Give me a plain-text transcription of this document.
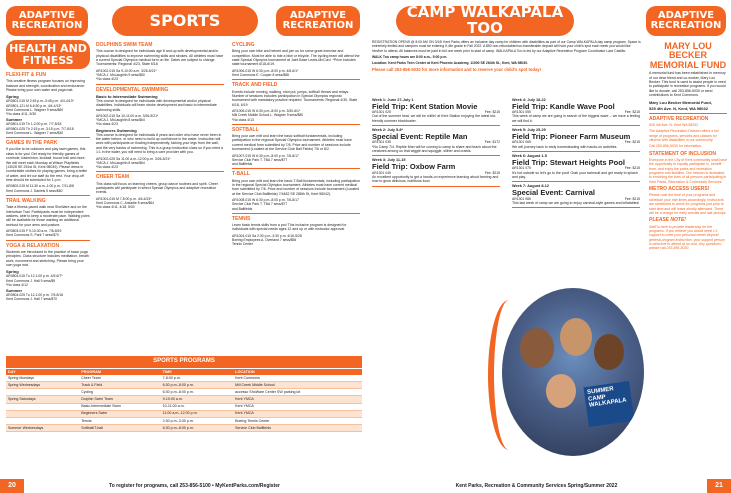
ADAPTIVE RECREATION	SPORTS	ADAPTIVE RECREATION
HEALTH AND FITNESS
FLEXI-FIT & FUN

This creative fitness program focuses on improving balance and strength, coordination and endurance. Please bring your own water and yoga mat.

Spring
AR0801-015 M 2:45 p.m.-3:45 p.m. 4/4-4/13*
AR0801-121 M 6-6:50 p.m. 4/4-4/13*
Kent Commons L. Wagner 9 sess/$60
*No class 4/11, 5/30
Summer
AR0801-015 Th 1-2:00 p.m. 7/7-8/18
AR0801-025 Th 2:15 p.m.-3:15 p.m. 7/7-8/18
Kent Commons L. Wagner 7 sess/$40
GAMES IN THE PARK

If you like to be outdoors and play lawn games, this class is for you! Get ready for friendly games of cornhole, badminton, kickball, bocce ball and more. We will meet each Monday at Wilson Playfields (13028 SE 251st St, Kent 98030). Please dress in comfortable clothes for playing games, bring a bottle of water, and let our staff do the rest. Your drop-off time should be scheduled for 1 p.m.

AR0802-015 M 11:30 a.m.-1:00 p.m. 7/11-8/8
Kent Commons J. Daniels 5 sess/$60
TRAIL WALKING

Take a fitness-paced walk near ShoWare and on the Interurban Trail. Participants must be independent walkers, able to keep a moderate pace. Walking poles will be available for those wanting an additional workout for your arms and posture.

AR0803-015 F 9-10:30 a.m. 7/8-8/19
Kent Commons S. Park 7 sess/$70
YOGA & RELAXATION

Students are introduced to the practice of basic yoga principles. Class structure includes meditation, breath work, movement and stretching. Please bring your own yoga mat.

Spring
AR0804-015 Tu 12-1:00 p.m. 4/5-6/7*
Kent Commons J. Hall 9 sess/$9
*No class 4/12
Summer
AR0804-025 Tu 12-1:00 p.m. 7/5-8/16
Kent Commons J. Hall 7 sess/$70
DOLPHINS SWIM TEAM

This course is designed for individuals age 8 and up with developmental and/or physical disabilities to improve swimming skills and strokes. All athletes must have a current Special Olympics medical form on file. Dates are subject to change. Tournaments: Regional 4/23, State 6/18

AR1002-015 Sa 9-10:00 a.m. 3/26-5/21*
YMCA J. McLaughlin 9 sess/$60
*No class 4/23
DEVELOPMENTAL SWIMMING
Basic to Intermediate Swimming

This course is designed for individuals with developmental and/or physical disabilities. Individuals will learn stroke development and basic to intermediate swimming skills.

AR1002-015 Sa 10-11:00 a.m. 3/26-5/21*
YMCA J. McLaughlin 8 sess/$64
*No class 4/23
Beginners Swimming

This course is designed for individuals 8 years and older who have never been in the water before, or who need to build up confidence in the water. Instruction will work with participants on floating independently, kicking your legs from the wall, and the very basics of swimming. This is a group instruction class so if you need a 1:1 in the water, you will need to bring a care provider with you.

AR1002-025 Sa 11:00 a.m.-12:00 p.m. 3/26-5/21*
YMCA J. McLaughlin 8 sess/$64
*No class 4/23
CHEER TEAM

This class will focus on learning cheers, group dance routines and spirit. Cheer participants will participate in select Special Olympics and adaptive recreation events.

AR1001-015 M 7-8:00 p.m. 4/4-6/13*
Kent Commons C. Arsiadie 8 sess/$64
*No class 4/11, 4/18, 5/30
CYCLING

Bring your own bike and helmet and join us for some great exercise and competition. Must be able to ride a bike or tricycle. The cycling team will attend the state Special Olympics tournament at Joint Base Lewis-McCord. *Price includes state tournament 6/18-6/19.

AR1006-015 W 6:30 p.m.-8:00 p.m. 4/6-6/1*
Kent Commons E. Cooper 8 sess/$88
TRACK AND FIELD

Events include running, walking, shot put, jumps, softball throws and relays. Number of sessions includes participation in Special Olympics regional tournament with mandatory practice required. Tournaments: Regional 4/30, State 6/18, 6/19

AR1005-015 W 6:30 p.m.-8:00 p.m. 3/30-6/1*
Mill Creek Middle School L. Wagner 9 sess/$80
*No class 4/13
SOFTBALL

Bring your own mitt and learn the basic softball fundamentals, including participation in the regional Special Olympics tournament. Athletes must have current medical form submitted by 7/6. Price and number of sessions include tournament (Located at the Service Club Ball Fields) 7/6 or 8/2.

AR1007-015 W 6:30 p.m.-8:00 p.m. 7/6-8/17
Service Club Park T. TBA 7 sess/$77
and Ballfields
T-BALL

Bring your own mitt and learn the basic T-Ball fundamentals, including participation in the regional Special Olympics tournament. Athletes must have current medical form submitted by 7/6. Price and number of sessions include tournament (Located at the Service Club Ballfields) 7/4482 SE 288th St, Kent 98042).

AR1008-015 W 6:30 p.m.-8:00 p.m. 7/6-8/17
Service Club Park T. TBA 7 sess/$77
and Ballfields
TENNIS

Learn basic tennis skills from a pro! This inclusive program is designed for individuals with special needs ages 12 and up or with instructor approval.

AR1004-015 Sa 2:30 p.m.-3:30 p.m. 4/16-5/28
Boeing Employees A. Overland 7 sess/$56
Tennis Center
SPORTS PROGRAMS
DAY	PROGRAM	TIME	LOCATION
Spring Mondays	Cheer Team	7-8:00 p.m.	Kent Commons
Spring Wednesdays	Track & Field	6:30 p.m.-8:00 p.m.	Mill Creek Middle School
	Cycling	6:30 p.m.-8:00 p.m.	accesso ShoWare Center SW parking lot
Spring Saturdays	Dolphin Swim Team	9-10:00 a.m.	Kent YMCA
	Basic-Intermediate Swim	10-11:00 a.m.	Kent YMCA
	Beginners Swim	11:00 a.m.-12:00 p.m.	Kent YMCA
	Tennis	2:30 p.m.-3:30 p.m.	Boeing Tennis Center
Summer Wednesdays	Softball/T-ball	6:30 p.m.-8:00 p.m.	Service Club Ballfields
20	To register for programs, call 253-856-5100 • MyKentParks.com/Register
CAMP WALKAPALA TOO
ADAPTIVE RECREATION

REGISTRATION OPENS @ 8:00 AM ON 3/16! Kent Parks offers an inclusive day camp for children with disabilities as part of our Camp WALKAPALA day camp program. Space is extremely limited and campers must be entering K-6th grade in Fall 2022. A $50 non-refundable/non-transferable deposit will hold your child's spot each week you would like him/her to attend. All balances must be paid in full one week prior to start of camp. WALKAPALA Too is led by our Adaptive Recreation Program Coordinator Lara Castillo.

WALK Too camp hours are 8:00 a.m.- 5:00 p.m.

Location: Kent Parks Teen Center at Kent Phoenix Academy, 11000 SE 264th St., Kent, WA 98030.

Please call 253-856-5030 for more information and to reserve your child's spot today!

Week 1: June 27-July 1
Field Trip: Kent Station Movie
AR1301 025	Fee: $215
Out of the summer heat, we will be chillin' at Kent Station enjoying the latest kid-friendly summer blockbuster.
Week 2: July 5-8*
Special Event: Reptile Man
AR1301 035	Fee: $172
*No Camp 7/4. Reptile Man will be coming to camp to share and teach about the creatures among us that wiggle and squiggle, slither and crawls.
Week 3: July 11-15
Field Trip: Oxbow Farm
AR1301 045	Fee: $215
An excellent opportunity to get a hands-on experience learning about farming and how to grow delicious, nutritious food.
Week 4: July 18-22
Field Trip: Kandle Wave Pool
AR1301 055	Fee: $215
This week of camp we are going in search of the biggest wave -- we have a feeling we will find it.
Week 5: July 25-29
Field Trip: Pioneer Farm Museum
AR1301 065	Fee: $215
We will journey back to early homesteading with hands-on activities.
Week 6: August 1-5
Field Trip: Stewart Heights Pool
AR1301 075	Fee: $215
It's hot outside so let's go to the pool! Grab your swimsuit and get ready to splash and play.
Week 7: August 8-12
Special Event: Carnival
AR1301 085	Fee: $215
This last week of camp we are going to enjoy carnival-style games and inflatables!
SUMMER CAMP WALKAPALA
MARY LOU BECKER MEMORIAL FUND

A memorial fund has been established in memory of our dear friend and co-worker, Mary Lou Becker. This fund is used to assist people in need to participate in recreation programs. If you would like to donate, call 253-856-5030 or send contributions to Kent Commons.

Mary Lou Becker Memorial Fund,
525 4th Ave. N, Kent, WA 98032
ADAPTIVE RECREATION

525 4th Ave. N, Kent WA 98032

The Adaptive Recreation Division offers a full range of programs, services and classes for citizens with disabilities in our community.

Call 253-856-5030 for information.

STATEMENT OF INCLUSION

Everyone in the City of Kent community shall have the opportunity to equally participate in, benefit from, and enjoy the parks and recreation programs and facilities. Our mission is dedicated to enriching the lives of all persons participating in Kent Parks, Recreation & Community Services.

METRO ACCESS USERS!

Please note the time of your programs and schedule your ride times accordingly. Instructors are scheduled to arrive for programs just prior to start time and will leave shortly afterward. There will be a charge for early arrivals and late pickups.

PLEASE NOTE!

Staff is here to provide leadership for the programs. If you believe you would need 1:1 support to meet your personal needs beyond general program instruction, your support person is welcome to attend at no cost. Any questions, please call 253-856-5030.

Kent Parks, Recreation & Community Services Spring/Summer 2022	21
